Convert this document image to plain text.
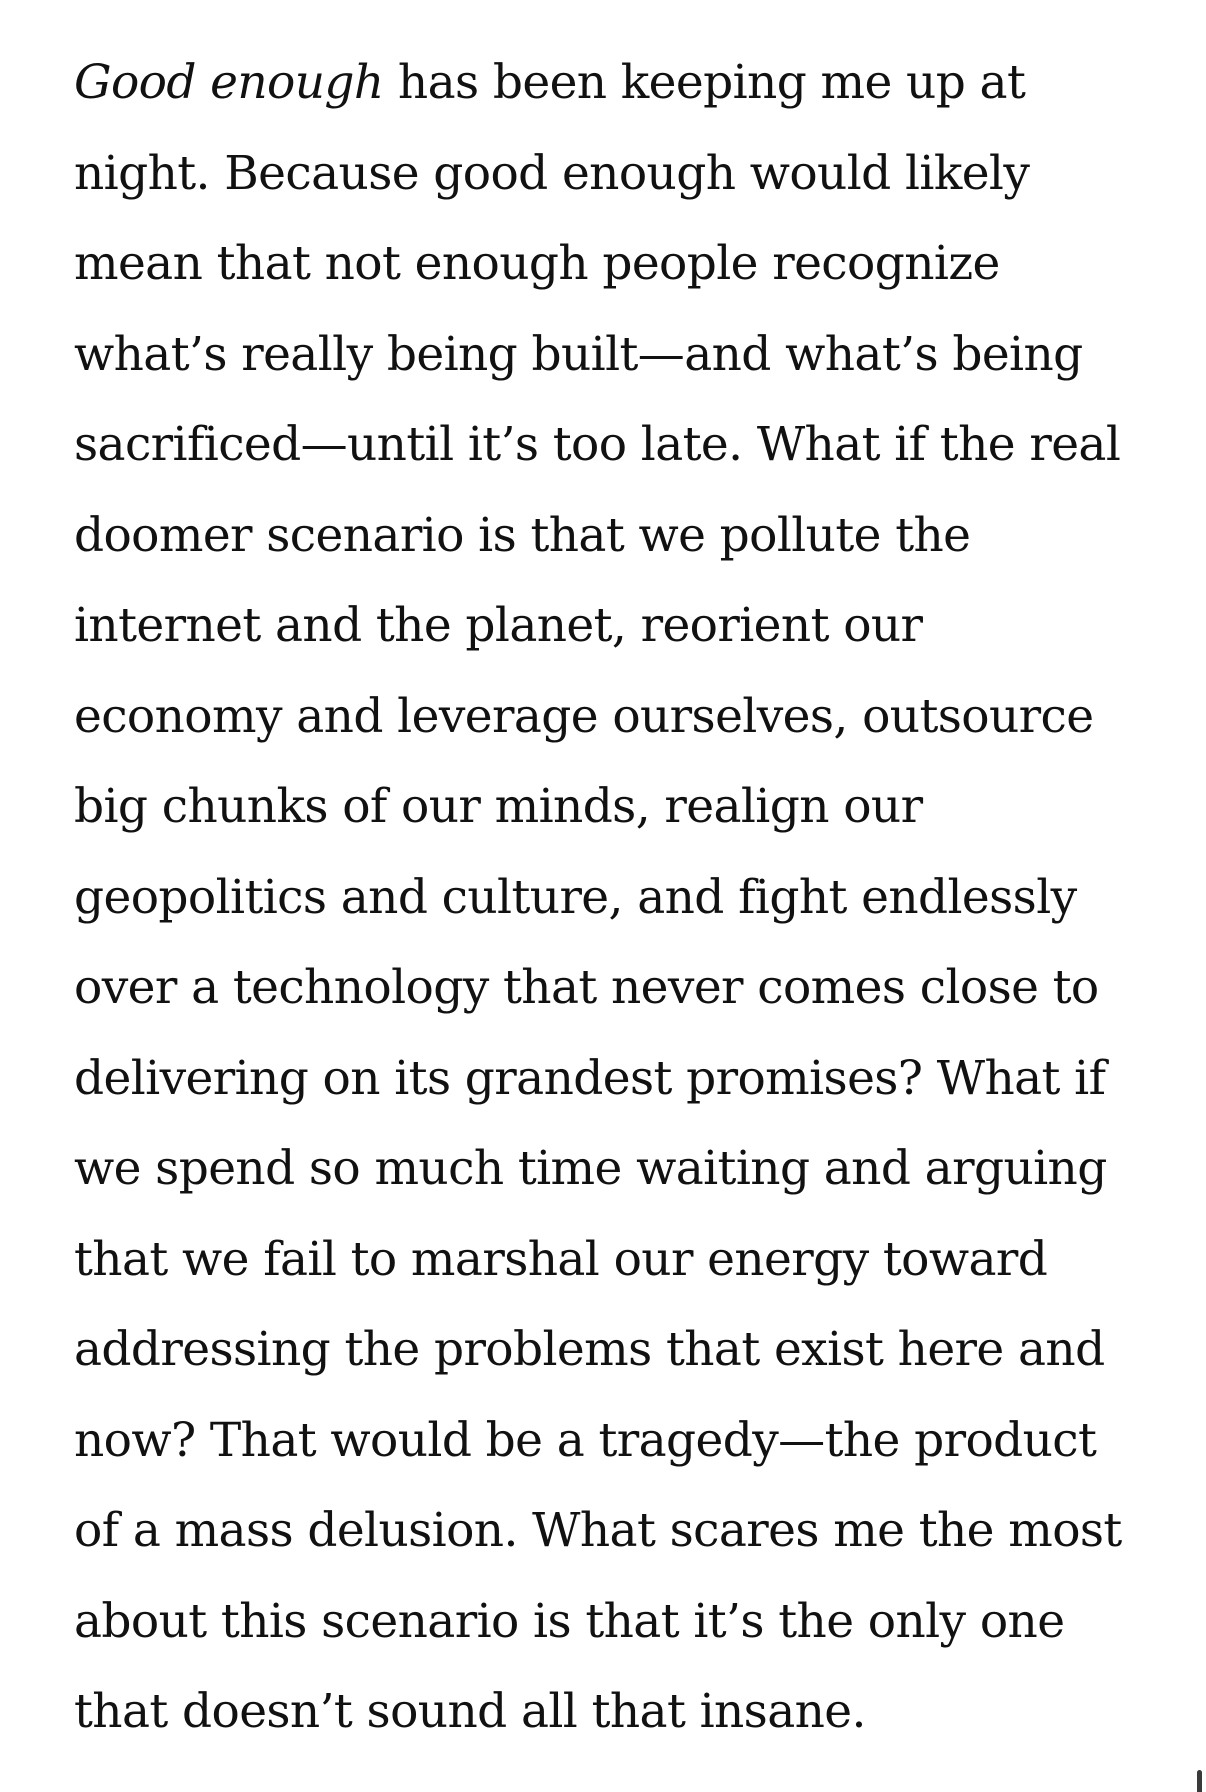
Good enough has been keeping me up at
night. Because good enough would likely
mean that not enough people recognize
what’s really being built—and what’s being
sacrificed—until it’s too late. What if the real
doomer scenario is that we pollute the
internet and the planet, reorient our
economy and leverage ourselves, outsource
big chunks of our minds, realign our
geopolitics and culture, and fight endlessly
over a technology that never comes close to
delivering on its grandest promises? What if
we spend so much time waiting and arguing
that we fail to marshal our energy toward
addressing the problems that exist here and
now? That would be a tragedy—the product
of a mass delusion. What scares me the most
about this scenario is that it’s the only one
that doesn’t sound all that insane.
